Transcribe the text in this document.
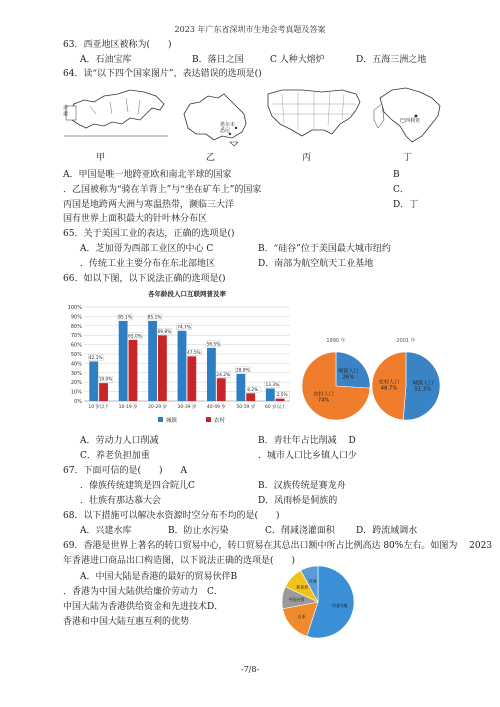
2023 年广东省深圳市生地会考真题及答案
63．西亚地区被称为(　　)
A．石油宝库	B．落日之国	C 人种大熔炉	D．五海三洲之地
64．读“以下四个国家图片”，表达错误的选项是()
赤
道
墨尔本
悉尼
巴西利亚
甲	乙	丙	丁
A．甲国是唯一地跨亚欧和南北半球的国家	B
．乙国被称为“骑在羊背上”与“坐在矿车上”的国家	C．
丙国是地跨两大洲与寒温热带，濒临三大洋	D．丁
国有世界上面积最大的针叶林分布区
65．关于美国工业的表达，正确的选项是()
A．芝加哥为西部工业区的中心 C	B．“硅谷”位于美国最大城市纽约
．传统工业主要分布在东北部地区	D．南部为航空航天工业基地
66．如以下图，以下说法正确的选项是()
各年龄段人口互联网普及率
0%
10%
20%
30%
40%
50%
60%
70%
80%
90%
100%
42.1%
19.0%
10 岁以下
85.1%
65.0%
10-19 岁
85.1%
69.8%
20-29 岁
74.7%
47.5%
30-39 岁
56.5%
24.2%
40-49 岁
28.8%
8.2%
50-59 岁
13.3%
2.5%
60 岁以上
城镇	农村
1990 年
城镇人口 26%
农村人口 74%
2001 年
城镇人口 51.3%
农村人口 48.7%
A．劳动力人口削减	B．青壮年占比削减　 D
C．养老负担加重	．城市人口比乡镇人口少
67．下面可信的是(　　)　　A
．傣族传统建筑是四合院儿C	B．汉族传统是赛龙舟
．壮族有那达慕大会	D．风雨桥是侗族的
68．以下措施可以解决水资源时空分布不均的是(　　)
A．兴建水库	B．防止水污染	C．削减浇灌面积 D．跨流域调水
69．香港是世界上著名的转口贸易中心，转口贸易在其总出口额中所占比例高达 80%左右。如图为　 2023
年香港进口商品出口构造图，以下说法正确的选项是(　　)
A．中国大陆是香港的最好的贸易伙伴B
．香港为中国大陆供给廉价劳动力　C．
中国大陆为香港供给资金和先进技术D．
香港和中国大陆互惠互利的优势
中国内地
日本
中国台湾
新加坡
其他
-7/8-
